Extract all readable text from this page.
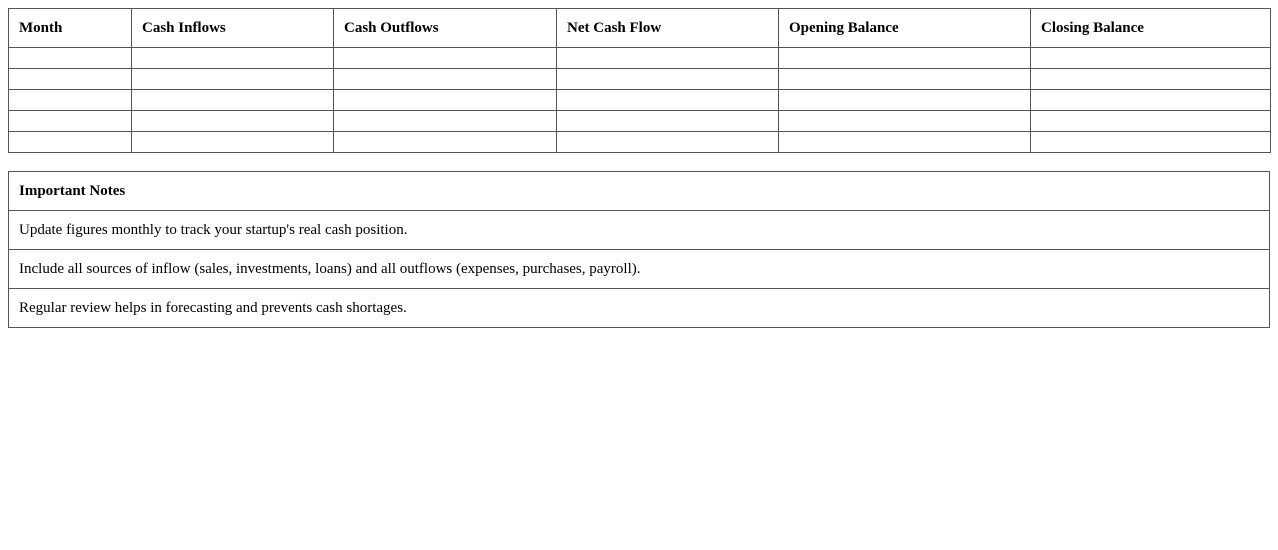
Month	Cash Inflows	Cash Outflows	Net Cash Flow	Opening Balance	Closing Balance

Important Notes
Update figures monthly to track your startup's real cash position.
Include all sources of inflow (sales, investments, loans) and all outflows (expenses, purchases, payroll).
Regular review helps in forecasting and prevents cash shortages.
